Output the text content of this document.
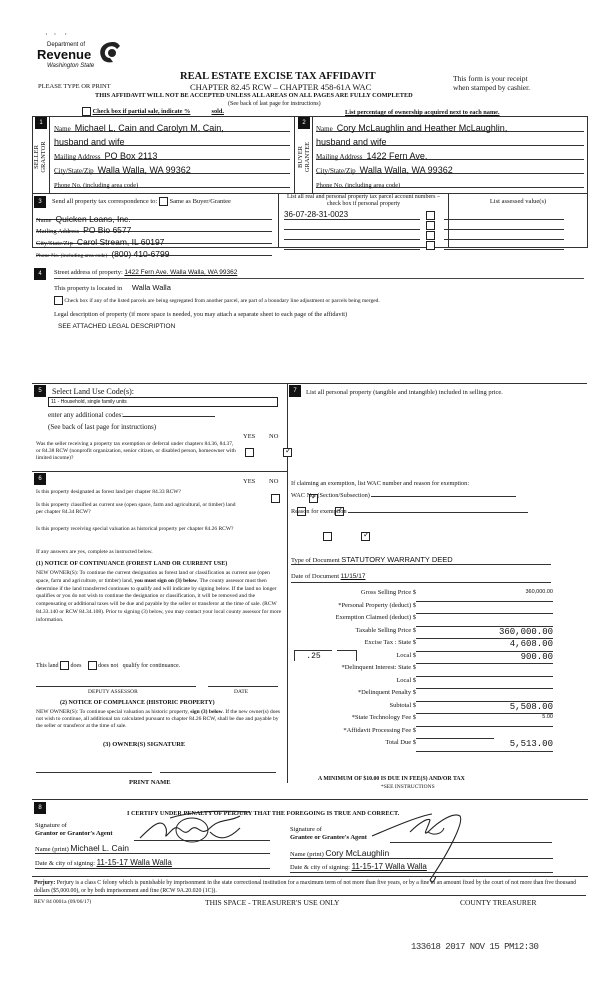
·   ·    ·
Department of
Revenue
Washington State
REAL ESTATE EXCISE TAX AFFIDAVIT
CHAPTER 82.45 RCW – CHAPTER 458-61A WAC
This form is your receipt
when stamped by cashier.
PLEASE TYPE OR PRINT
THIS AFFIDAVIT WILL NOT BE ACCEPTED UNLESS ALL AREAS ON ALL PAGES ARE FULLY COMPLETED
(See back of last page for instructions)
Check box if partial sale, indicate %	sold.	List percentage of ownership acquired next to each name.
1
SELLER GRANTOR
2
BUYER GRANTEE
Name Michael L. Cain and Carolyn M. Cain,
husband and wife
Mailing Address PO Box 2113
City/State/Zip Walla Walla, WA 99362
Phone No. (including area code)
Name Cory McLaughlin and Heather McLaughlin,
husband and wife
Mailing Address 1422 Fern Ave.
City/State/Zip Walla Walla, WA 99362
Phone No. (including area code)
3	Send all property tax correspondence to: Same as Buyer/Grantee
Name Quicken Loans, Inc.
Mailing Address PO Bio 6577
City/State/Zip Carol Stream, IL 60197
Phone No. (including area code) (800) 410-6799
List all real and personal property tax parcel account numbers – check box if personal property	List assessed value(s)
36-07-28-31-0023
4	Street address of property: 1422 Fern Ave. Walla Walla, WA 99362
This property is located in Walla Walla
Check box if any of the listed parcels are being segregated from another parcel, are part of a boundary line adjustment or parcels being merged.
Legal description of property (if more space is needed, you may attach a separate sheet to each page of the affidavit)
SEE ATTACHED LEGAL DESCRIPTION
5	Select Land Use Code(s):
11 - Household, single family units
enter any additional codes:
(See back of last page for instructions)
YES NO
Was the seller receiving a property tax exemption or deferral under chapters 84.36, 84.37, or 84.38 RCW (nonprofit organization, senior citizen, or disabled person, homeowner with limited income)?
✓
6	YES NO
Is this property designated as forest land per chapter 84.33 RCW?
✓
Is this property classified as current use (open space, farm and agricultural, or timber) land per chapter 84.34 RCW?
✓
Is this property receiving special valuation as historical property per chapter 84.26 RCW?
✓
If any answers are yes, complete as instructed below.
(1) NOTICE OF CONTINUANCE (FOREST LAND OR CURRENT USE)
NEW OWNER(S): To continue the current designation as forest land or classification as current use (open space, farm and agriculture, or timber) land, you must sign on (3) below. The county assessor must then determine if the land transferred continues to qualify and will indicate by signing below. If the land no longer qualifies or you do not wish to continue the designation or classification, it will be removed and the compensating or additional taxes will be due and payable by the seller or transferor at the time of sale. (RCW 84.33.140 or RCW 84.34.108). Prior to signing (3) below, you may contact your local county assessor for more information.
This land does	does not qualify for continuance.
DEPUTY ASSESSOR	DATE
(2) NOTICE OF COMPLIANCE (HISTORIC PROPERTY)
NEW OWNER(S): To continue special valuation as historic property, sign (3) below. If the new owner(s) does not wish to continue, all additional tax calculated pursuant to chapter 84.26 RCW, shall be due and payable by the seller or transferor at the time of sale.
(3) OWNER(S) SIGNATURE
PRINT NAME
7	List all personal property (tangible and intangible) included in selling price.
If claiming an exemption, list WAC number and reason for exemption:
WAC No. (Section/Subsection)
Reason for exemption
Type of Document STATUTORY WARRANTY DEED
Date of Document 11/15/17
Gross Selling Price $	360,000.00
*Personal Property (deduct) $
Exemption Claimed (deduct) $
Taxable Selling Price $	360,000.00
Excise Tax : State $	4,608.00
.25	Local $	900.00
*Delinquent Interest: State $
Local $
*Delinquent Penalty $
Subtotal $	5,508.00
*State Technology Fee $	5.00
*Affidavit Processing Fee $
Total Due $	5,513.00
A MINIMUM OF $10.00 IS DUE IN FEE(S) AND/OR TAX
*SEE INSTRUCTIONS
8
I CERTIFY UNDER PENALTY OF PERJURY THAT THE FOREGOING IS TRUE AND CORRECT.
Signature of
Grantor or Grantor's Agent
Name (print) Michael L. Cain
Date & city of signing: 11-15-17 Walla Walla
Signature of
Grantee or Grantee's Agent
Name (print) Cory McLaughlin
Date & city of signing: 11-15-17 Walla Walla
Perjury: Perjury is a class C felony which is punishable by imprisonment in the state correctional institution for a maximum term of not more than five years, or by a fine in an amount fixed by the court of not more than five thousand dollars ($5,000.00), or by both imprisonment and fine (RCW 9A.20.020 (1C)).
REV 84 0001a (09/06/17)	THIS SPACE - TREASURER'S USE ONLY	COUNTY TREASURER
133618 2017 NOV 15 PM12:30
